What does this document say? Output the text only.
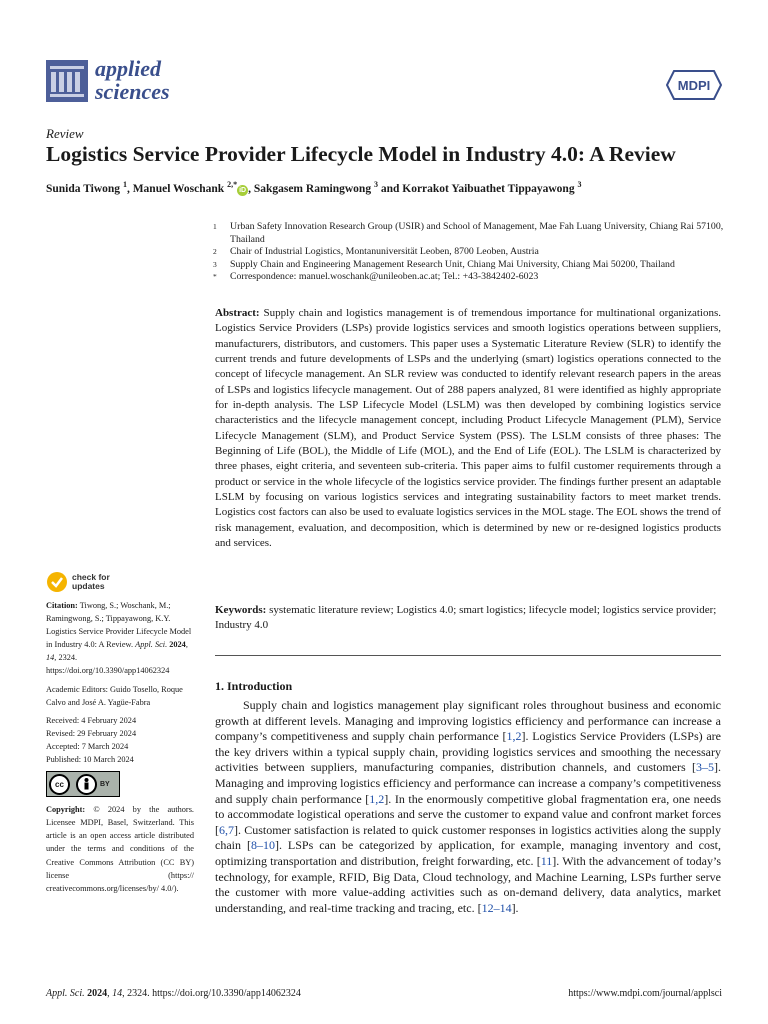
applied
sciences	MDPI
Review
Logistics Service Provider Lifecycle Model in Industry 4.0: A Review
Sunida Tiwong $^1$, Manuel Woschank $^{2,*}$iD , Sakgasem Ramingwong $^3$ and Korrakot Yaibuathet Tippayawong $^3$
1	Urban Safety Innovation Research Group (USIR) and School of Management, Mae Fah Luang University, Chiang Rai 57100, Thailand
2	Chair of Industrial Logistics, Montanuniversität Leoben, 8700 Leoben, Austria
3	Supply Chain and Engineering Management Research Unit, Chiang Mai University, Chiang Mai 50200, Thailand
*	Correspondence: manuel.woschank@unileoben.ac.at; Tel.: +43-3842402-6023
Abstract: Supply chain and logistics management is of tremendous importance for multinational organizations. Logistics Service Providers (LSPs) provide logistics services and smooth logistics operations between suppliers, manufacturers, distributors, and customers. This paper uses a Systematic Literature Review (SLR) to identify the current trends and future developments of LSPs and the underlying (smart) logistics operations connected to the concept of lifecycle management. An SLR review was conducted to identify relevant research papers in the areas of LSPs and logistics lifecycle management. Out of 288 papers analyzed, 81 were identified as highly appropriate for in-depth analysis. The LSP Lifecycle Model (LSLM) was then developed by combining logistics service characteristics and the lifecycle management concept, including Product Lifecycle Management (PLM), Service Lifecycle Management (SLM), and Product Service System (PSS). The LSLM consists of three phases: The Beginning of Life (BOL), the Middle of Life (MOL), and the End of Life (EOL). The LSLM is characterized by three phases, eight criteria, and seventeen sub-criteria. This paper aims to fulfil customer requirements through a product or service in the whole lifecycle of the logistics service provider. The findings further present an adaptable LSLM by focusing on various logistics services and integrating sustainability factors to meet market trends. Logistics cost factors can also be used to evaluate logistics services in the MOL stage. The EOL shows the trend of risk management, evaluation, and decomposition, which is determined by new or re-designed logistics products and services.
Keywords: systematic literature review; Logistics 4.0; smart logistics; lifecycle model; logistics service provider; Industry 4.0
1. Introduction

Supply chain and logistics management play significant roles throughout business and economic growth at different levels. Managing and improving logistics efficiency and performance can increase a company’s competitiveness and supply chain performance [1,2]. Logistics Service Providers (LSPs) are the key drivers within a typical supply chain, providing logistics services and smoothing the necessary activities between suppliers, manufacturing companies, distribution channels, and customers [3–5]. Managing and improving logistics efficiency and performance can increase a company’s competitiveness and supply chain performance [1,2]. In the enormously competitive global fragmentation era, one needs to accommodate logistical operations and serve the customer to expand value and confront market forces [6,7]. Customer satisfaction is related to quick customer responses in logistics activities along the supply chain [8–10]. LSPs can be categorized by application, for example, managing inventory and cost, optimizing transportation and distribution, freight forwarding, etc. [11]. With the advancement of today’s technology, for example, RFID, Big Data, Cloud technology, and Machine Learning, LSPs further serve the customer with more value-adding activities such as on-demand delivery, data analytics, market understanding, and real-time tracking and tracing, etc. [12–14].

check for
updates

Citation: Tiwong, S.; Woschank, M.; Ramingwong, S.; Tippayawong, K.Y. Logistics Service Provider Lifecycle Model in Industry 4.0: A Review. Appl. Sci. 2024, 14, 2324. https://doi.org/10.3390/app14062324

Academic Editors: Guido Tosello, Roque Calvo and José A. Yagüe-Fabra

Received: 4 February 2024
Revised: 29 February 2024
Accepted: 7 March 2024
Published: 10 March 2024
cc	BY

Copyright: © 2024 by the authors. Licensee MDPI, Basel, Switzerland. This article is an open access article distributed under the terms and conditions of the Creative Commons Attribution (CC BY) license (https:// creativecommons.org/licenses/by/ 4.0/).

Appl. Sci. 2024, 14, 2324. https://doi.org/10.3390/app14062324	https://www.mdpi.com/journal/applsci
